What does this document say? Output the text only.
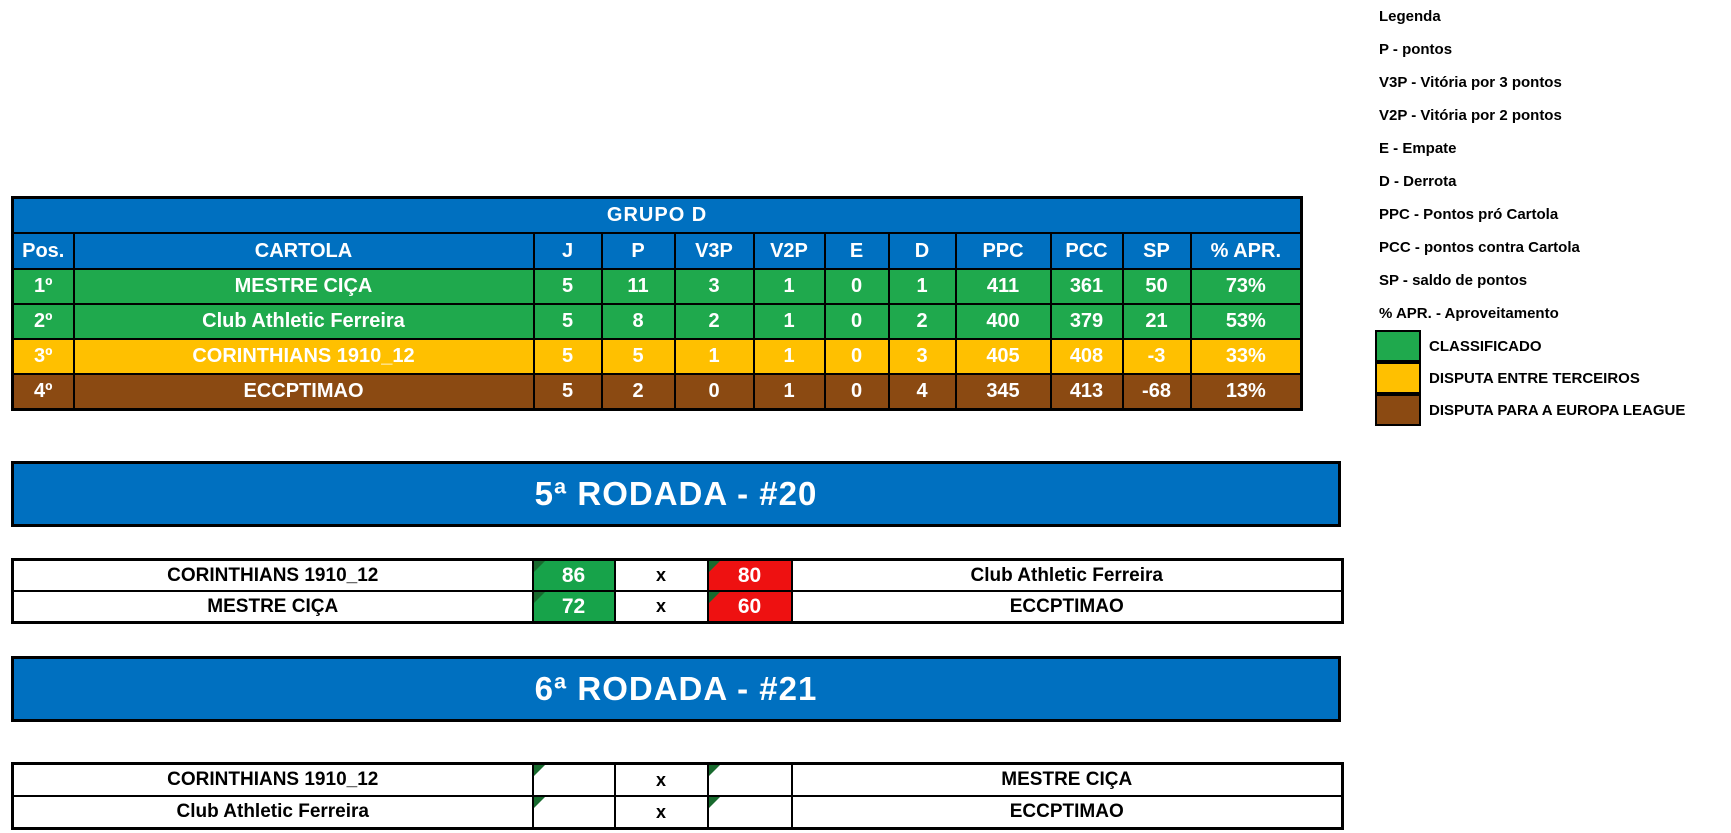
GRUPO D											
Pos.	CARTOLA	J	P	V3P	V2P	E	D	PPC	PCC	SP	% APR.
1º	MESTRE CIÇA	5	11	3	1	0	1	411	361	50	73%
2º	Club Athletic Ferreira	5	8	2	1	0	2	400	379	21	53%
3º	CORINTHIANS 1910_12	5	5	1	1	0	3	405	408	-3	33%
4º	ECCPTIMAO	5	2	0	1	0	4	345	413	-68	13%
5ª RODADA - #20
CORINTHIANS 1910_12	86	x	80	Club Athletic Ferreira
MESTRE CIÇA	72	x	60	ECCPTIMAO
6ª RODADA - #21
CORINTHIANS 1910_12		x		MESTRE CIÇA
Club Athletic Ferreira		x		ECCPTIMAO
Legenda
P - pontos
V3P - Vitória por 3 pontos
V2P - Vitória por 2 pontos
E - Empate
D - Derrota
PPC - Pontos pró Cartola
PCC - pontos contra Cartola
SP - saldo de pontos
% APR. - Aproveitamento
CLASSIFICADO
DISPUTA ENTRE TERCEIROS
DISPUTA PARA A EUROPA LEAGUE
